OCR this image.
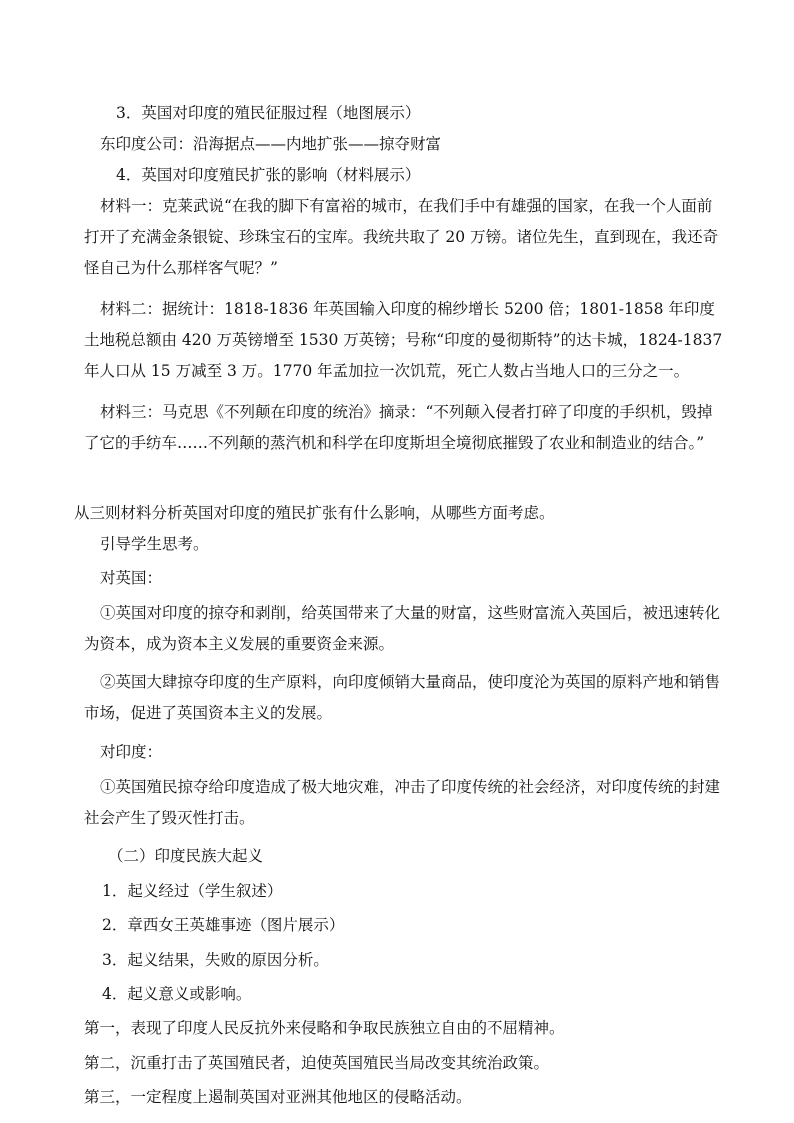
3．英国对印度的殖民征服过程（地图展示）

东印度公司：沿海据点——内地扩张——掠夺财富

4．英国对印度殖民扩张的影响（材料展示）

材料一：克莱武说“在我的脚下有富裕的城市，在我们手中有雄强的国家，在我一个人面前打开了充满金条银锭、珍珠宝石的宝库。我统共取了 20 万镑。诸位先生，直到现在，我还奇怪自己为什么那样客气呢？”

材料二：据统计：1818-1836 年英国输入印度的棉纱增长 5200 倍；1801-1858 年印度土地税总额由 420 万英镑增至 1530 万英镑；号称“印度的曼彻斯特”的达卡城，1824-1837 年人口从 15 万减至 3 万。1770 年孟加拉一次饥荒，死亡人数占当地人口的三分之一。

材料三：马克思《不列颠在印度的统治》摘录：“不列颠入侵者打碎了印度的手织机，毁掉了它的手纺车……不列颠的蒸汽机和科学在印度斯坦全境彻底摧毁了农业和制造业的结合。”

从三则材料分析英国对印度的殖民扩张有什么影响，从哪些方面考虑。

引导学生思考。

对英国：

①英国对印度的掠夺和剥削，给英国带来了大量的财富，这些财富流入英国后，被迅速转化为资本，成为资本主义发展的重要资金来源。

②英国大肆掠夺印度的生产原料，向印度倾销大量商品，使印度沦为英国的原料产地和销售市场，促进了英国资本主义的发展。

对印度：

①英国殖民掠夺给印度造成了极大地灾难，冲击了印度传统的社会经济，对印度传统的封建社会产生了毁灭性打击。

（二）印度民族大起义

1．起义经过（学生叙述）

2．章西女王英雄事迹（图片展示）

3．起义结果，失败的原因分析。

4．起义意义或影响。

第一，表现了印度人民反抗外来侵略和争取民族独立自由的不屈精神。

第二，沉重打击了英国殖民者，迫使英国殖民当局改变其统治政策。

第三，一定程度上遏制英国对亚洲其他地区的侵略活动。
